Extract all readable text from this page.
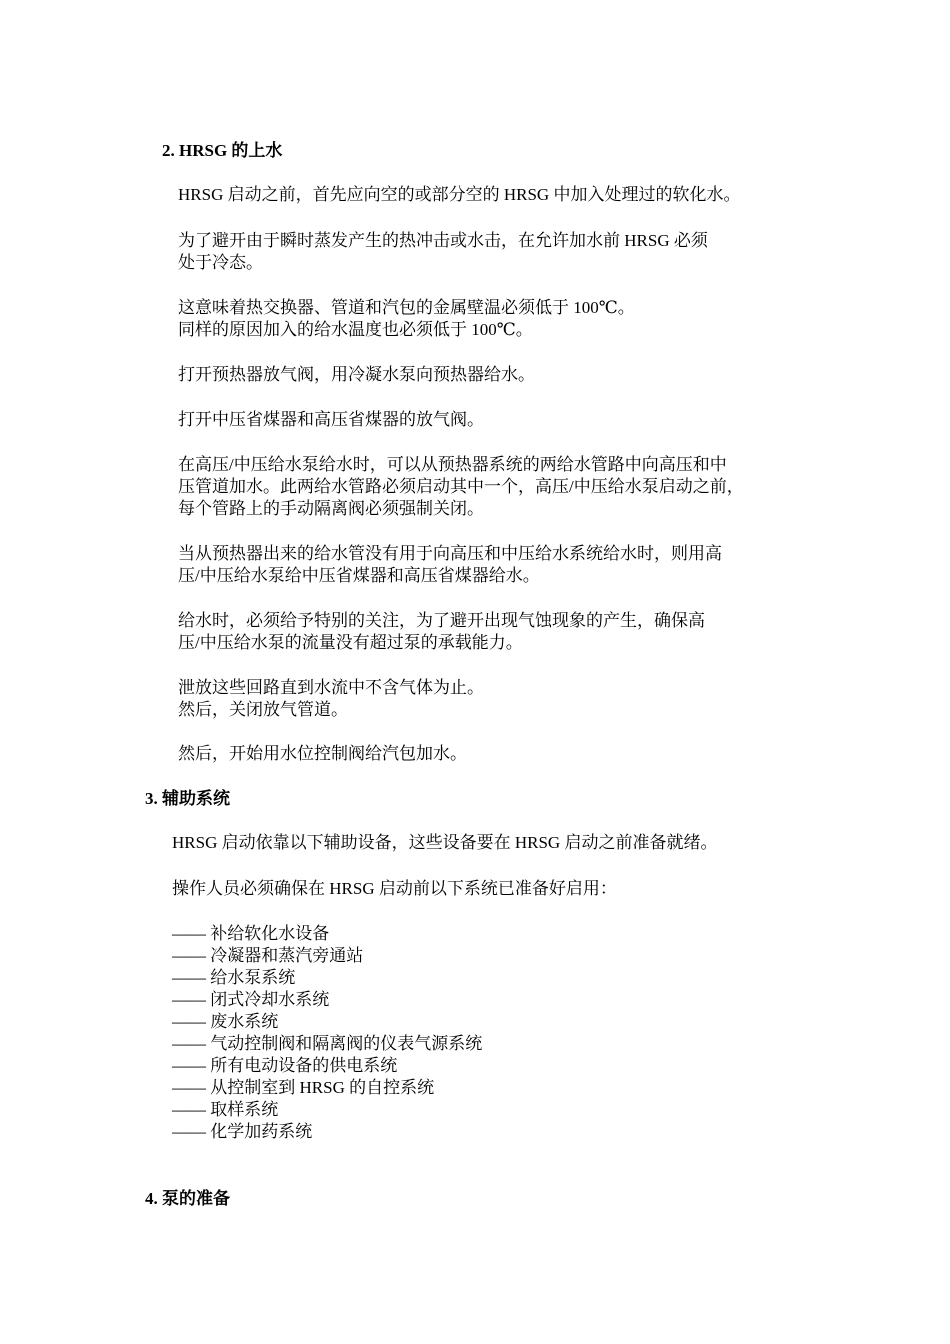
2. HRSG 的上水
HRSG 启动之前，首先应向空的或部分空的 HRSG 中加入处理过的软化水。
为了避开由于瞬时蒸发产生的热冲击或水击，在允许加水前 HRSG 必须
处于冷态。
这意味着热交换器、管道和汽包的金属壁温必须低于 100℃。
同样的原因加入的给水温度也必须低于 100℃。
打开预热器放气阀，用冷凝水泵向预热器给水。
打开中压省煤器和高压省煤器的放气阀。
在高压/中压给水泵给水时，可以从预热器系统的两给水管路中向高压和中
压管道加水。此两给水管路必须启动其中一个，高压/中压给水泵启动之前，
每个管路上的手动隔离阀必须强制关闭。
当从预热器出来的给水管没有用于向高压和中压给水系统给水时，则用高
压/中压给水泵给中压省煤器和高压省煤器给水。
给水时，必须给予特别的关注，为了避开出现气蚀现象的产生，确保高
压/中压给水泵的流量没有超过泵的承载能力。
泄放这些回路直到水流中不含气体为止。
然后，关闭放气管道。
然后，开始用水位控制阀给汽包加水。
3. 辅助系统
HRSG 启动依靠以下辅助设备，这些设备要在 HRSG 启动之前准备就绪。
操作人员必须确保在 HRSG 启动前以下系统已准备好启用：
—— 补给软化水设备
—— 冷凝器和蒸汽旁通站
—— 给水泵系统
—— 闭式冷却水系统
—— 废水系统
—— 气动控制阀和隔离阀的仪表气源系统
—— 所有电动设备的供电系统
—— 从控制室到 HRSG 的自控系统
—— 取样系统
—— 化学加药系统
4. 泵的准备
